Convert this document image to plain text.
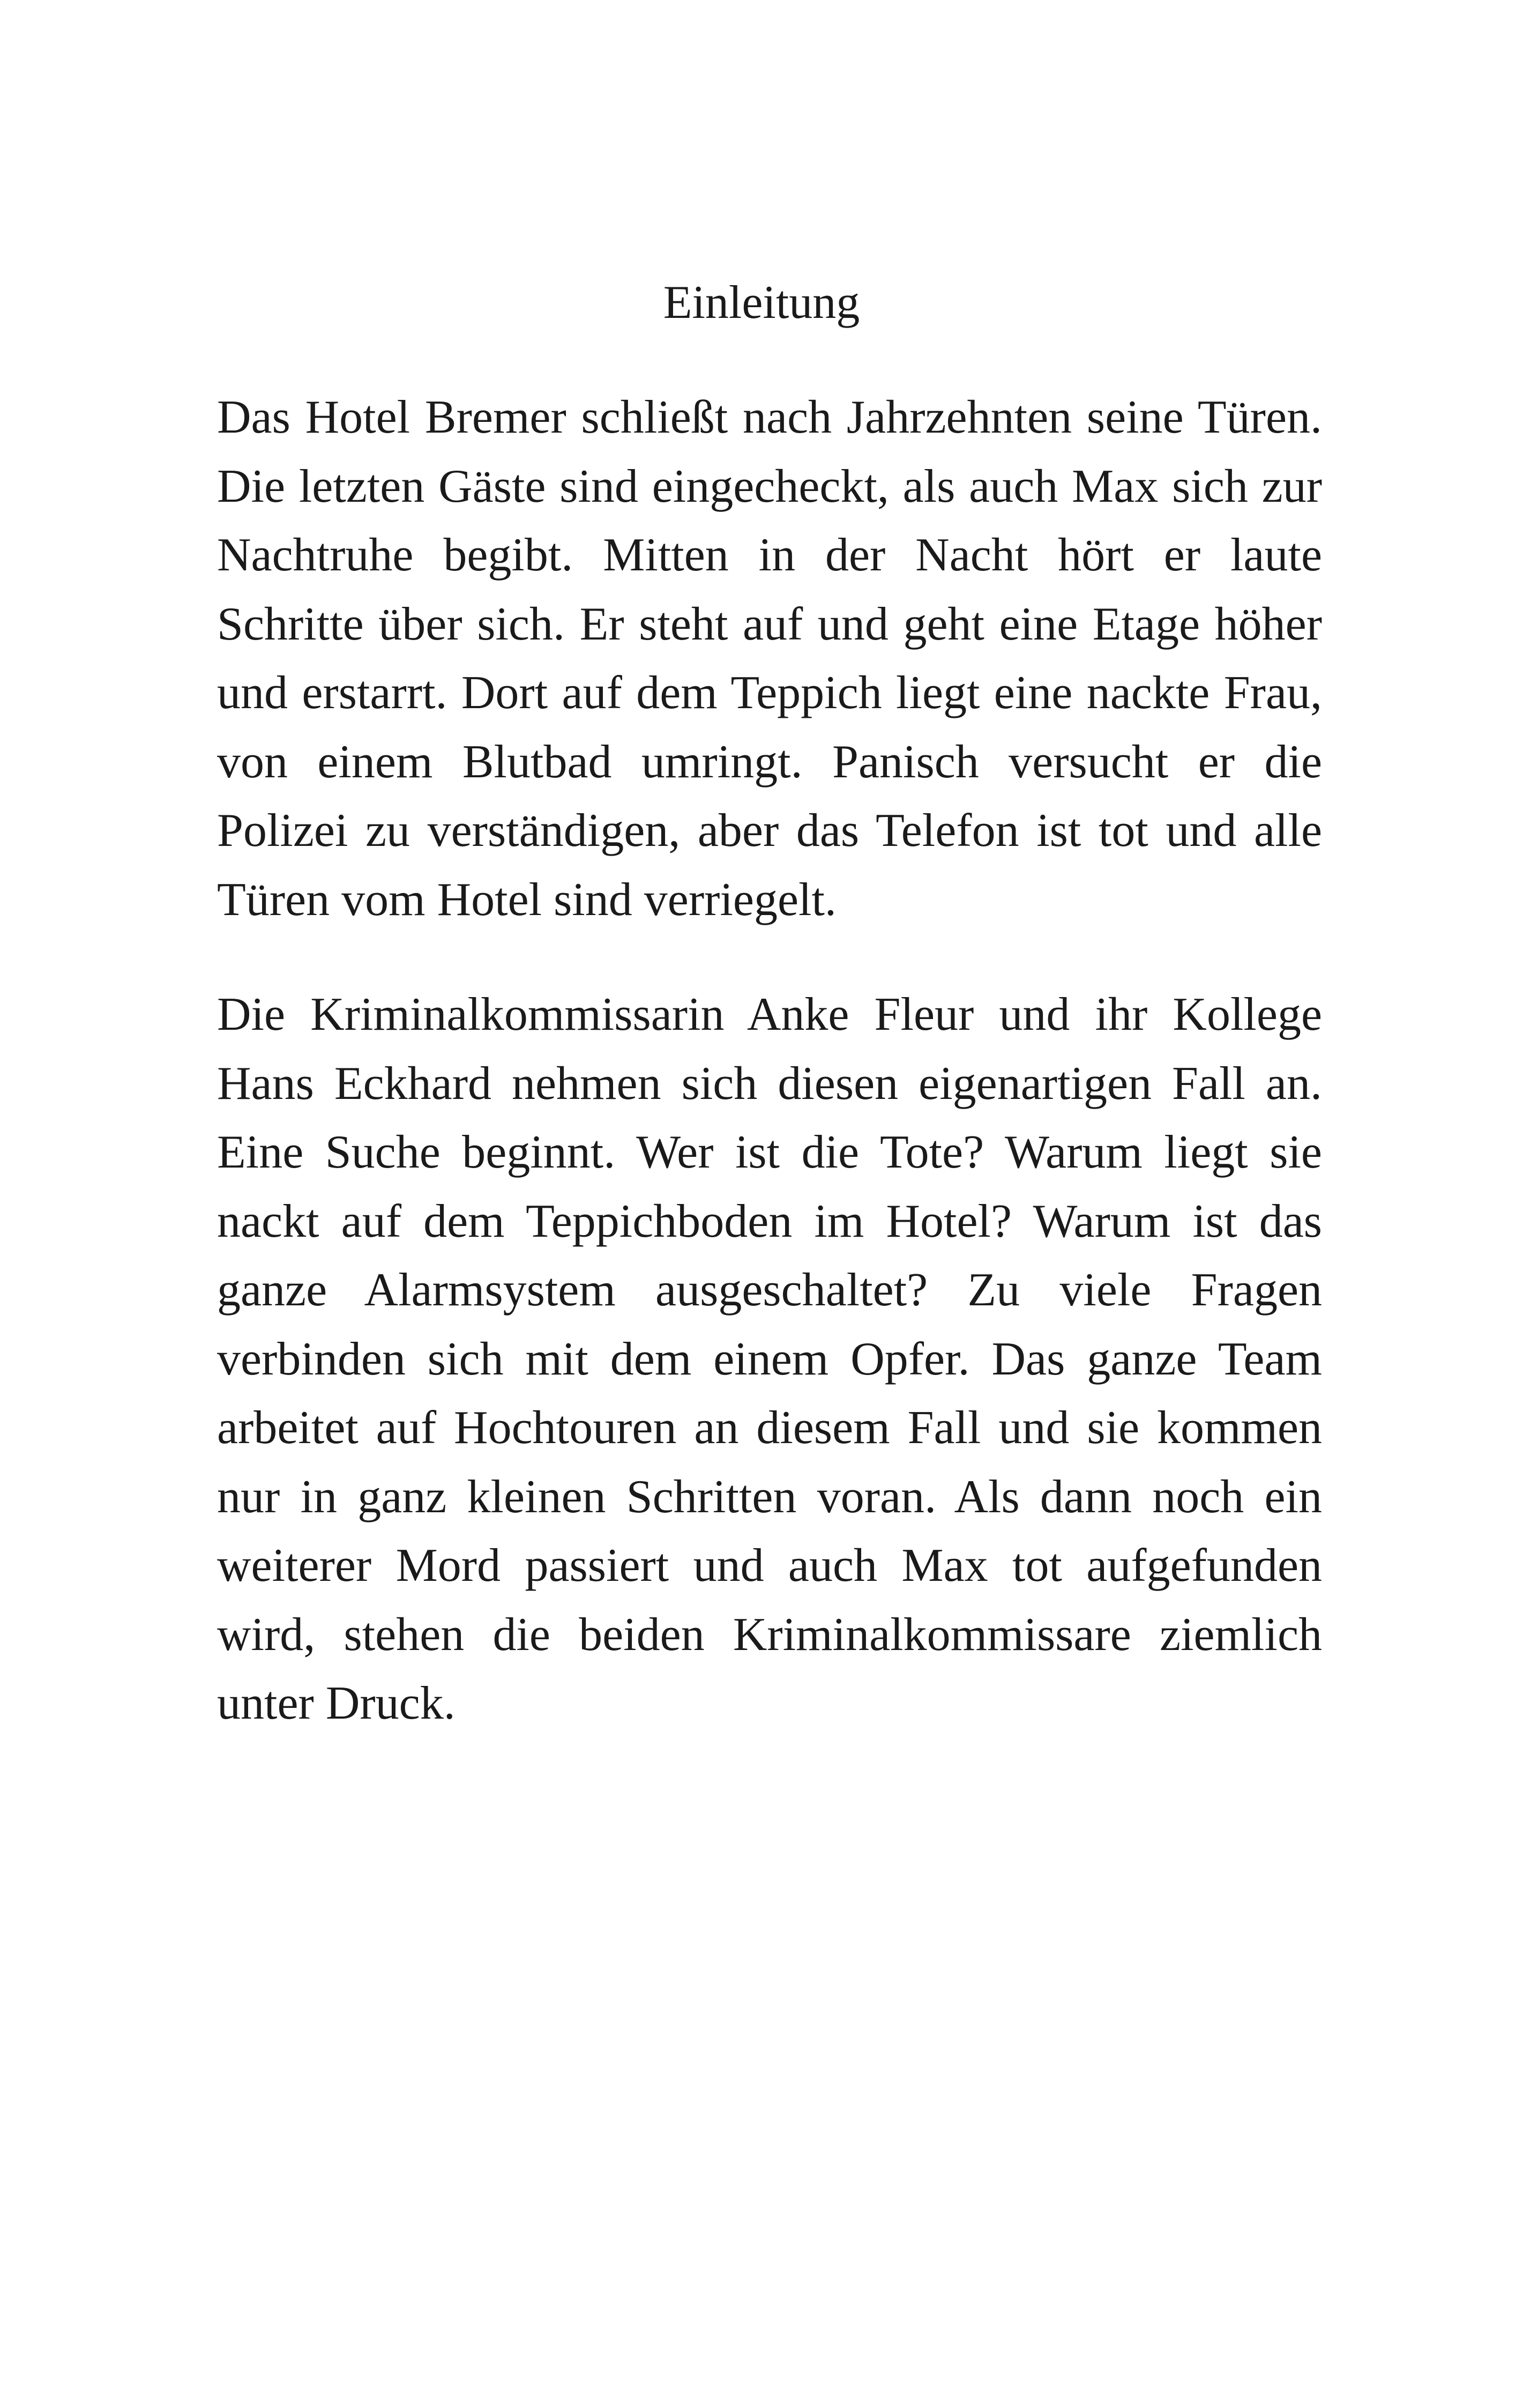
Einleitung

Das Hotel Bremer schließt nach Jahrzehnten seine Türen. Die letzten Gäste sind eingecheckt, als auch Max sich zur Nachtruhe begibt. Mitten in der Nacht hört er laute Schritte über sich. Er steht auf und geht eine Etage höher und erstarrt. Dort auf dem Teppich liegt eine nackte Frau, von einem Blutbad umringt. Panisch versucht er die Polizei zu verständigen, aber das Telefon ist tot und alle Türen vom Hotel sind verriegelt.

Die Kriminalkommissarin Anke Fleur und ihr Kollege Hans Eckhard nehmen sich diesen eigenartigen Fall an. Eine Suche beginnt. Wer ist die Tote? Warum liegt sie nackt auf dem Teppichboden im Hotel? Warum ist das ganze Alarmsystem ausgeschaltet? Zu viele Fragen verbinden sich mit dem einem Opfer. Das ganze Team arbeitet auf Hochtouren an diesem Fall und sie kommen nur in ganz kleinen Schritten voran. Als dann noch ein weiterer Mord passiert und auch Max tot aufgefunden wird, stehen die beiden Kriminalkommissare ziemlich unter Druck.
